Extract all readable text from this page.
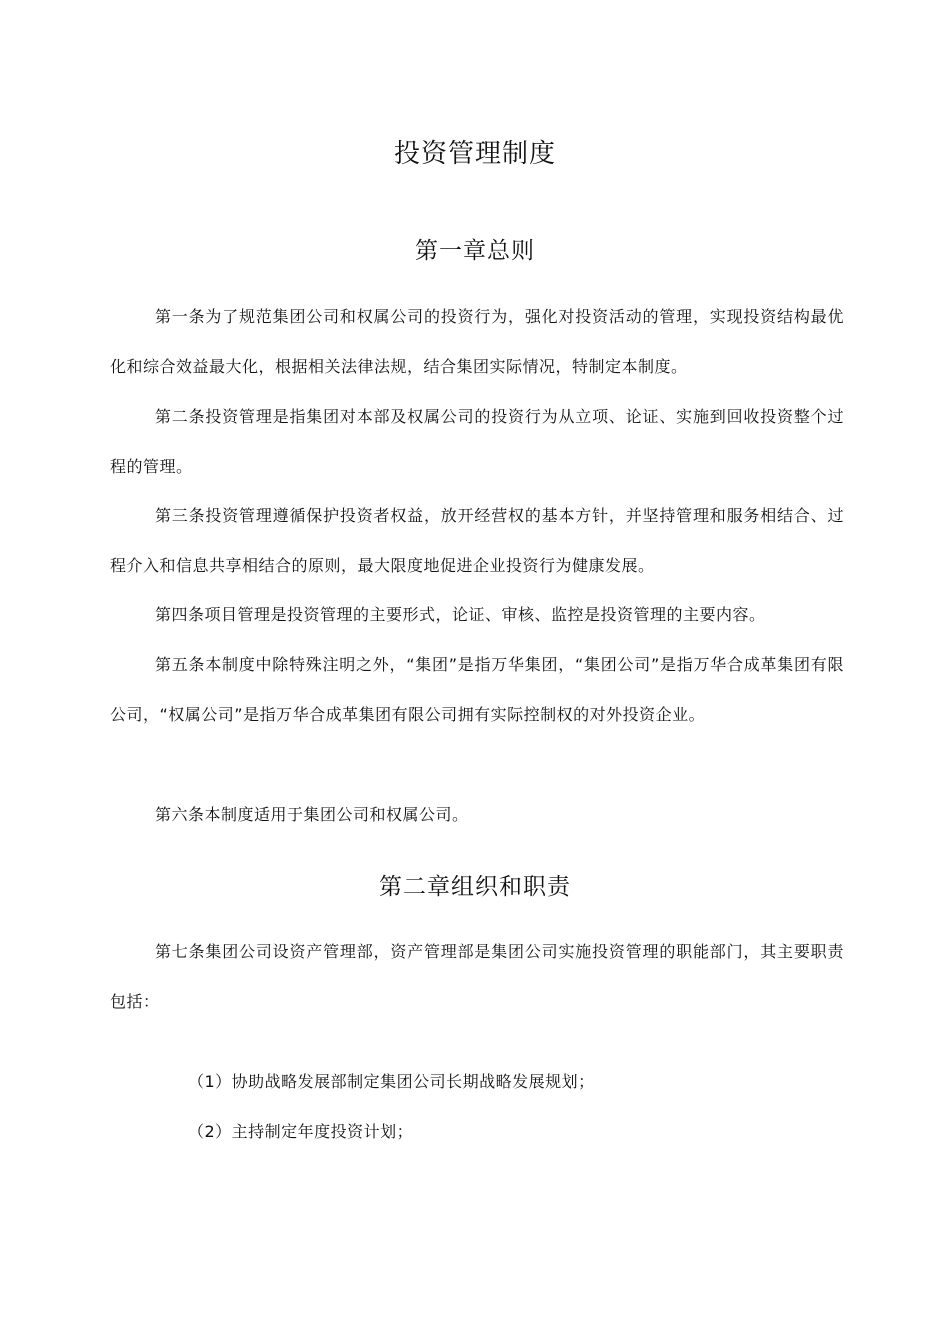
投资管理制度
第一章总则

第一条为了规范集团公司和权属公司的投资行为，强化对投资活动的管理，实现投资结构最优化和综合效益最大化，根据相关法律法规，结合集团实际情况，特制定本制度。

第二条投资管理是指集团对本部及权属公司的投资行为从立项、论证、实施到回收投资整个过程的管理。

第三条投资管理遵循保护投资者权益，放开经营权的基本方针，并坚持管理和服务相结合、过程介入和信息共享相结合的原则，最大限度地促进企业投资行为健康发展。

第四条项目管理是投资管理的主要形式，论证、审核、监控是投资管理的主要内容。

第五条本制度中除特殊注明之外，“集团”是指万华集团，“集团公司”是指万华合成革集团有限公司，“权属公司”是指万华合成革集团有限公司拥有实际控制权的对外投资企业。

第六条本制度适用于集团公司和权属公司。

第二章组织和职责

第七条集团公司设资产管理部，资产管理部是集团公司实施投资管理的职能部门，其主要职责包括：

（1）协助战略发展部制定集团公司长期战略发展规划；

（2）主持制定年度投资计划；
